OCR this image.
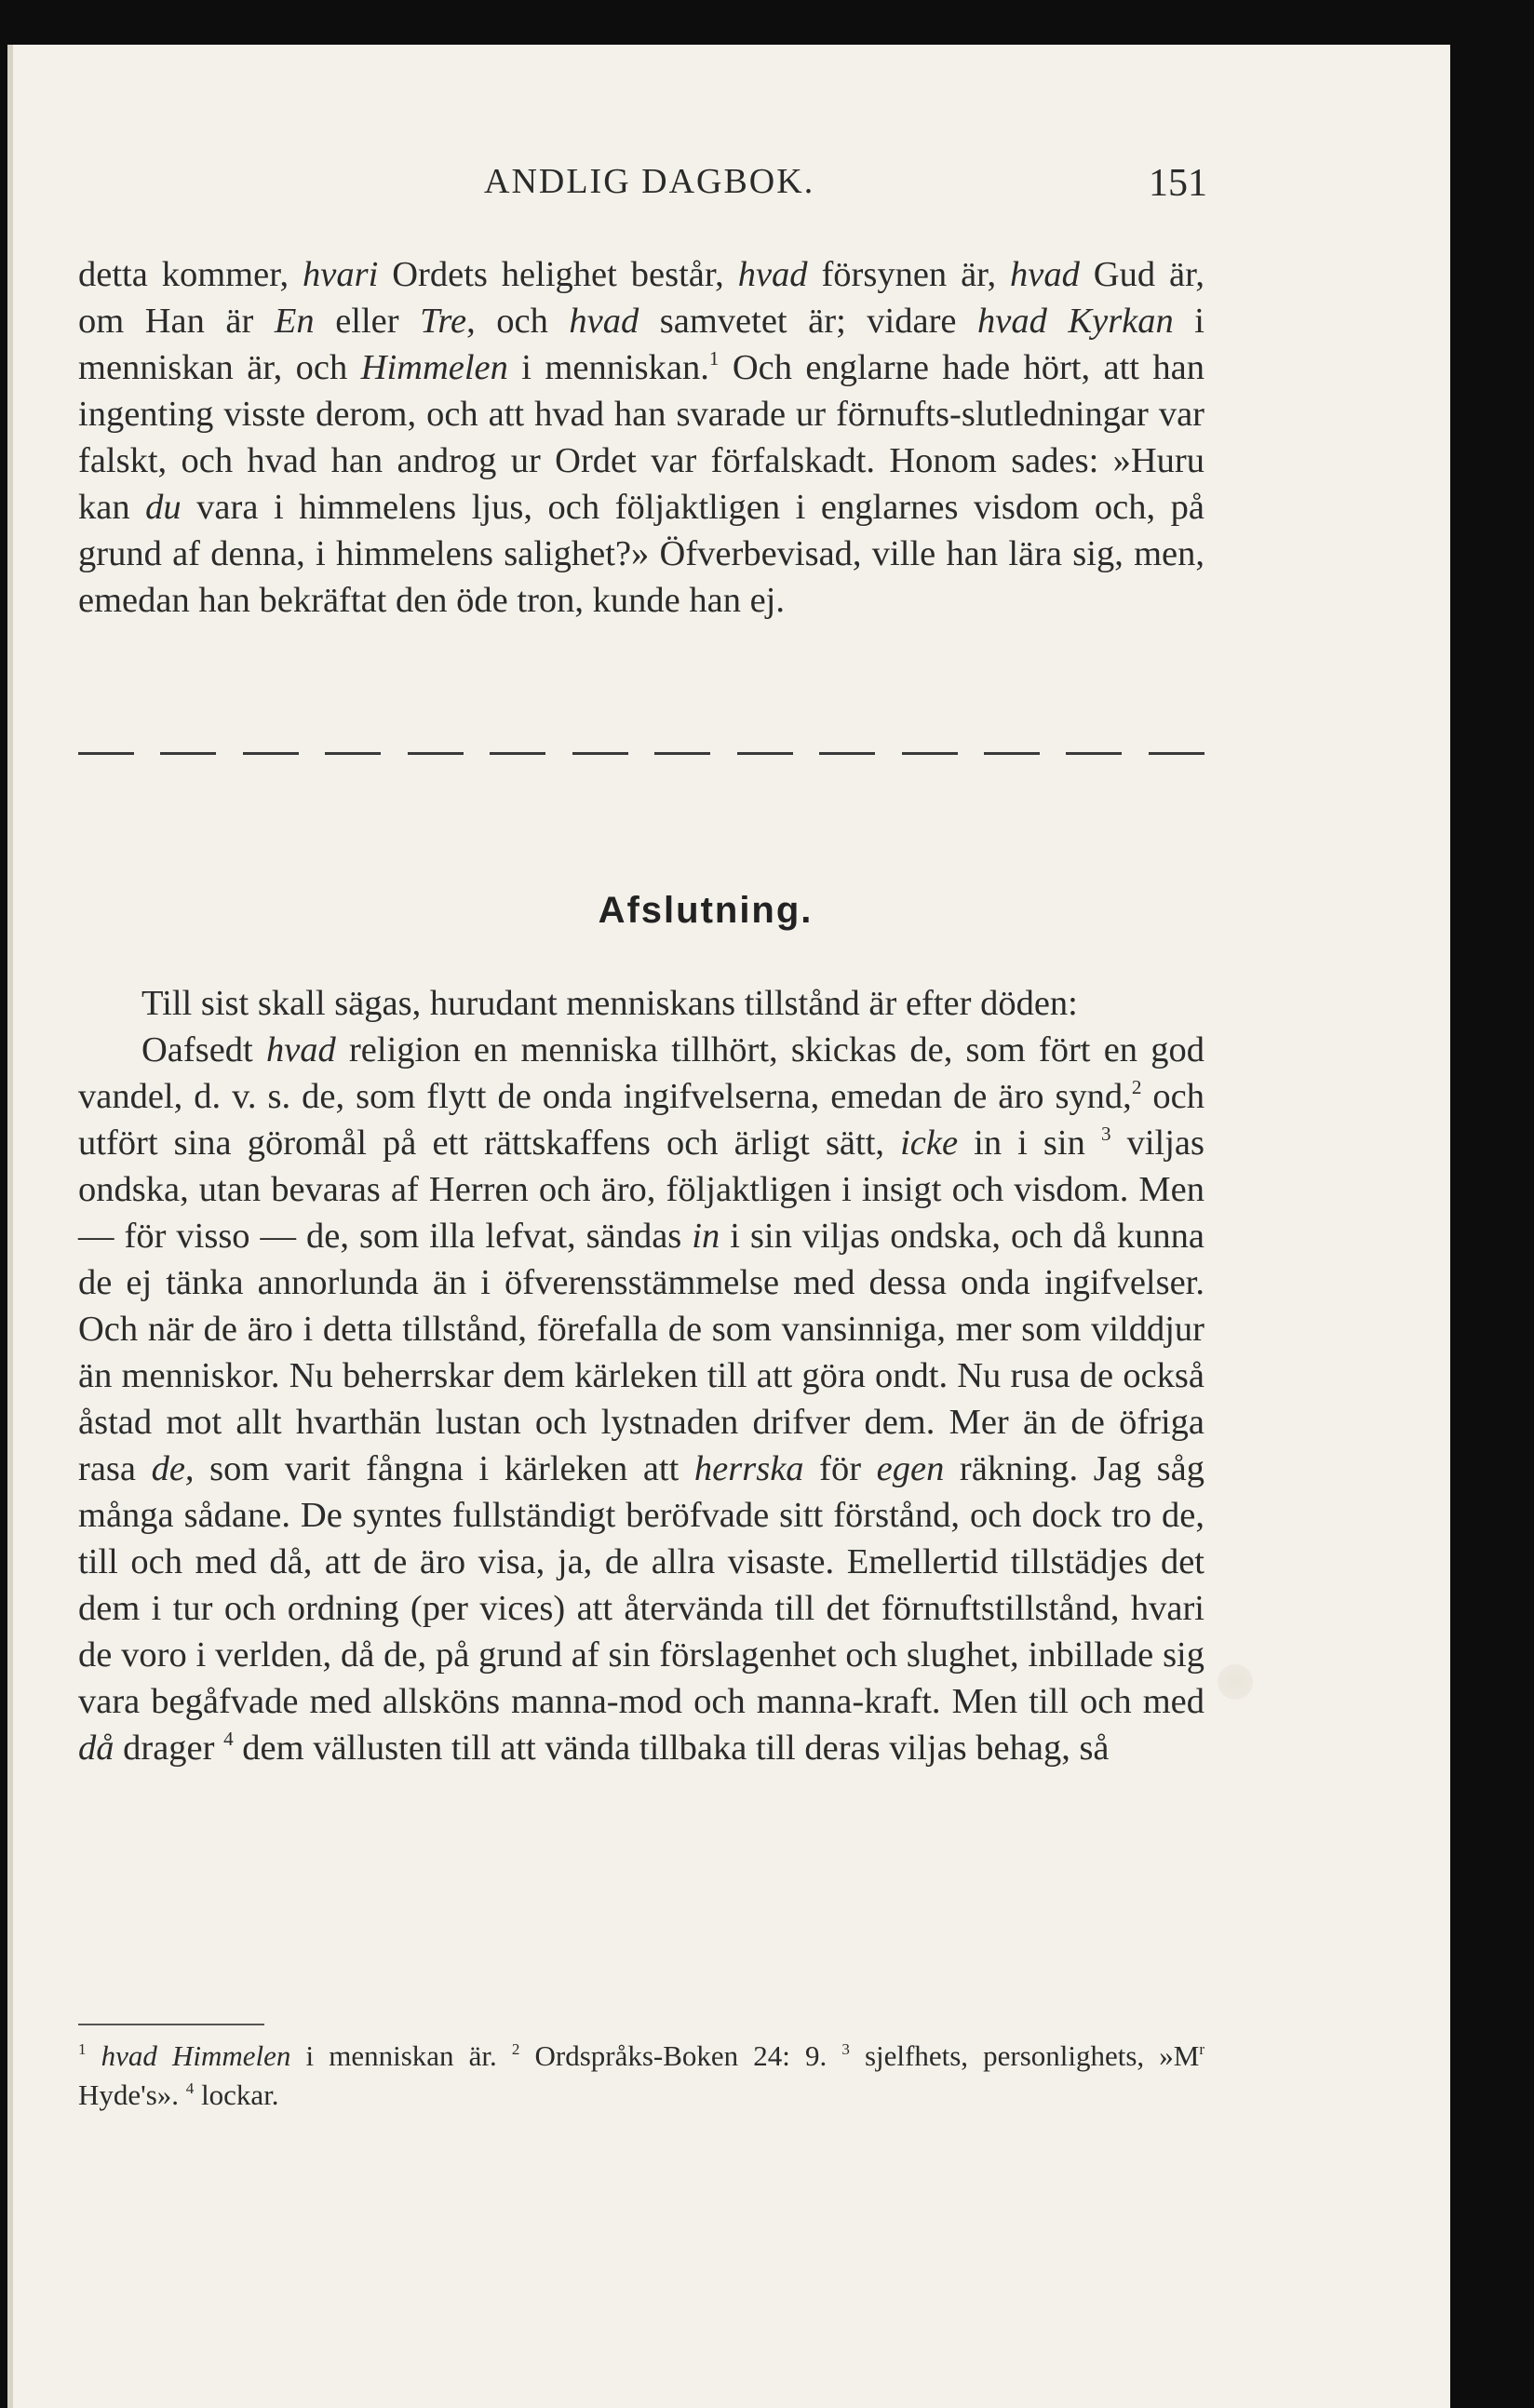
ANDLIG DAGBOK.	151

detta kommer, hvari Ordets helighet består, hvad försynen är, hvad Gud är, om Han är En eller Tre, och hvad samvetet är; vidare hvad Kyrkan i menniskan är, och Himmelen i menniskan.$^1$ Och englarne hade hört, att han ingenting visste derom, och att hvad han svarade ur förnufts-slutledningar var falskt, och hvad han androg ur Ordet var förfalskadt. Honom sades: »Huru kan du vara i himmelens ljus, och följaktligen i englarnes visdom och, på grund af denna, i himmelens salighet?» Öfverbevisad, ville han lära sig, men, emedan han bekräftat den öde tron, kunde han ej.

Afslutning.

Till sist skall sägas, hurudant menniskans tillstånd är efter döden:

Oafsedt hvad religion en menniska tillhört, skickas de, som fört en god vandel, d. v. s. de, som flytt de onda ingifvelserna, emedan de äro synd,$^2$ och utfört sina göromål på ett rättskaffens och ärligt sätt, icke in i sin $^3$ viljas ondska, utan bevaras af Herren och äro, följaktligen i insigt och visdom. Men — för visso — de, som illa lefvat, sändas in i sin viljas ondska, och då kunna de ej tänka annorlunda än i öfverensstämmelse med dessa onda ingifvelser. Och när de äro i detta tillstånd, förefalla de som vansinniga, mer som vilddjur än menniskor. Nu beherrskar dem kärleken till att göra ondt. Nu rusa de också åstad mot allt hvarthän lustan och lystnaden drifver dem. Mer än de öfriga rasa de, som varit fångna i kärleken att herrska för egen räkning. Jag såg många sådane. De syntes fullständigt beröfvade sitt förstånd, och dock tro de, till och med då, att de äro visa, ja, de allra visaste. Emellertid tillstädjes det dem i tur och ordning (per vices) att återvända till det förnuftstillstånd, hvari de voro i verlden, då de, på grund af sin förslagenhet och slughet, inbillade sig vara begåfvade med allsköns manna-mod och manna-kraft. Men till och med då drager $^4$ dem vällusten till att vända tillbaka till deras viljas behag, så

$^1$ hvad Himmelen i menniskan är. $^2$ Ordspråks-Boken 24: 9. $^3$ sjelfhets, personlighets, $»M^r$ Hyde's». $^4$ lockar.
